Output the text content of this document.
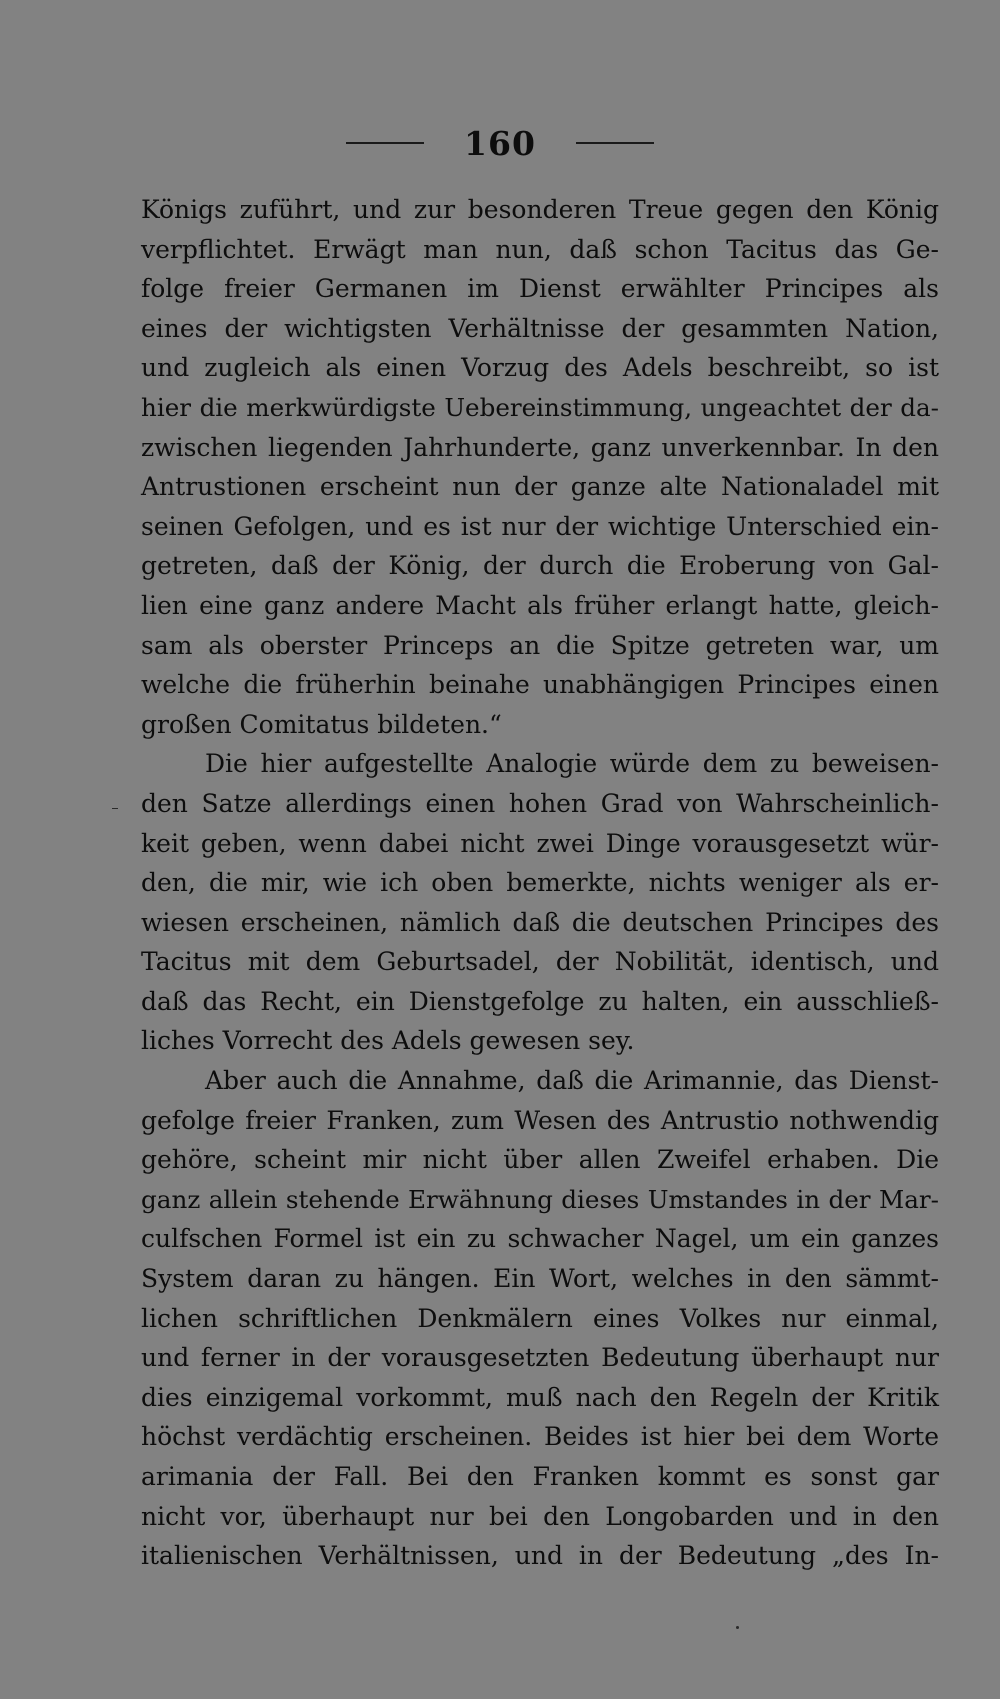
160
Königs zuführt, und zur besonderen Treue gegen den König
verpflichtet. Erwägt man nun, daß schon Tacitus das Ge-
folge freier Germanen im Dienst erwählter Principes als
eines der wichtigsten Verhältnisse der gesammten Nation,
und zugleich als einen Vorzug des Adels beschreibt, so ist
hier die merkwürdigste Uebereinstimmung, ungeachtet der da-
zwischen liegenden Jahrhunderte, ganz unverkennbar. In den
Antrustionen erscheint nun der ganze alte Nationaladel mit
seinen Gefolgen, und es ist nur der wichtige Unterschied ein-
getreten, daß der König, der durch die Eroberung von Gal-
lien eine ganz andere Macht als früher erlangt hatte, gleich-
sam als oberster Princeps an die Spitze getreten war, um
welche die früherhin beinahe unabhängigen Principes einen
großen Comitatus bildeten.“
Die hier aufgestellte Analogie würde dem zu beweisen-
den Satze allerdings einen hohen Grad von Wahrscheinlich-
keit geben, wenn dabei nicht zwei Dinge vorausgesetzt wür-
den, die mir, wie ich oben bemerkte, nichts weniger als er-
wiesen erscheinen, nämlich daß die deutschen Principes des
Tacitus mit dem Geburtsadel, der Nobilität, identisch, und
daß das Recht, ein Dienstgefolge zu halten, ein ausschließ-
liches Vorrecht des Adels gewesen sey.
Aber auch die Annahme, daß die Arimannie, das Dienst-
gefolge freier Franken, zum Wesen des Antrustio nothwendig
gehöre, scheint mir nicht über allen Zweifel erhaben. Die
ganz allein stehende Erwähnung dieses Umstandes in der Mar-
culfschen Formel ist ein zu schwacher Nagel, um ein ganzes
System daran zu hängen. Ein Wort, welches in den sämmt-
lichen schriftlichen Denkmälern eines Volkes nur einmal,
und ferner in der vorausgesetzten Bedeutung überhaupt nur
dies einzigemal vorkommt, muß nach den Regeln der Kritik
höchst verdächtig erscheinen. Beides ist hier bei dem Worte
arimania der Fall. Bei den Franken kommt es sonst gar
nicht vor, überhaupt nur bei den Longobarden und in den
italienischen Verhältnissen, und in der Bedeutung „des In-
